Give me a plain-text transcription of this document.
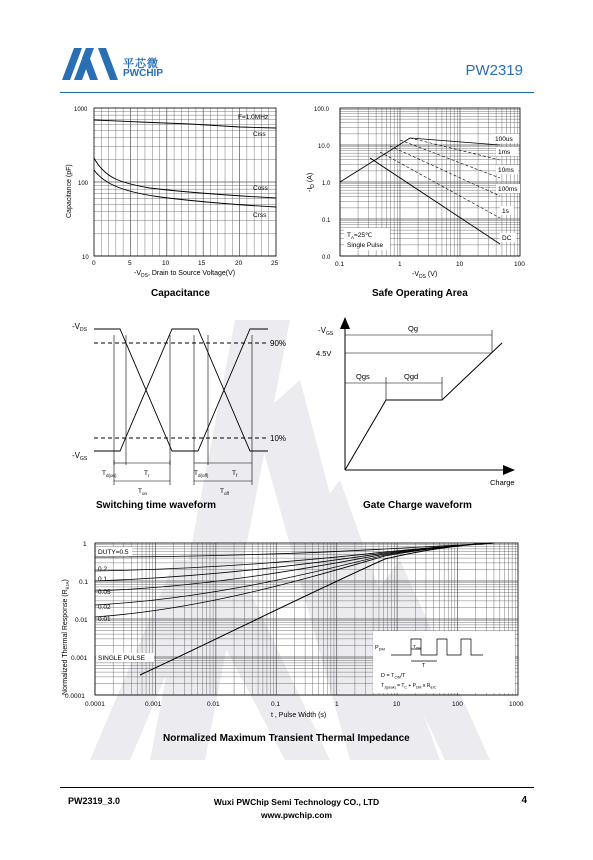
平芯微
PWCHIP	PW2319
1000
100
10
0	5	10	15	20	25
Capacitance (pF)
$-V_{DS}$, Drain to Source Voltage(V)
F=1.0MHz
Ciss
Coss
Crss
Capacitance
100.0
10.0
1.0
0.1
0.0
0.1	1	10	100
$-I_D$ (A)
$-V_{DS}$ (V)
100us
1ms
10ms
100ms
1s
DC
$T_A=25℃$
Single Pulse
Safe Operating Area
$-V_{DS}$
$-V_{GS}$
90%
10%
$T_{d(on)}$	$T_r$	$T_{d(off)}$	$T_f$
$T_{on}$	$T_{off}$
Switching time waveform
$-V_{GS}$
4.5V
Qg
Qgs	Qgd
Charge
Gate Charge waveform
1
0.1
0.01
0.001
0.0001
0.0001	0.001	0.01	0.1	1	10	100	1000
t , Pulse Width (s)
Normalized Thermal Response $(R_{\theta JA})$
DUTY=0.5
0.2
0.1
0.05
0.02
0.01
SINGLE PULSE
$P_{DM}$	$T_{ON}$
T
$D = T_{ON}/T$
$T_{J(peak)} = T_C + P_{DM}$ x $R_{\theta JC}$
Normalized Maximum Transient Thermal Impedance
PW2319_3.0	Wuxi PWChip Semi Technology CO., LTD
www.pwchip.com
4
